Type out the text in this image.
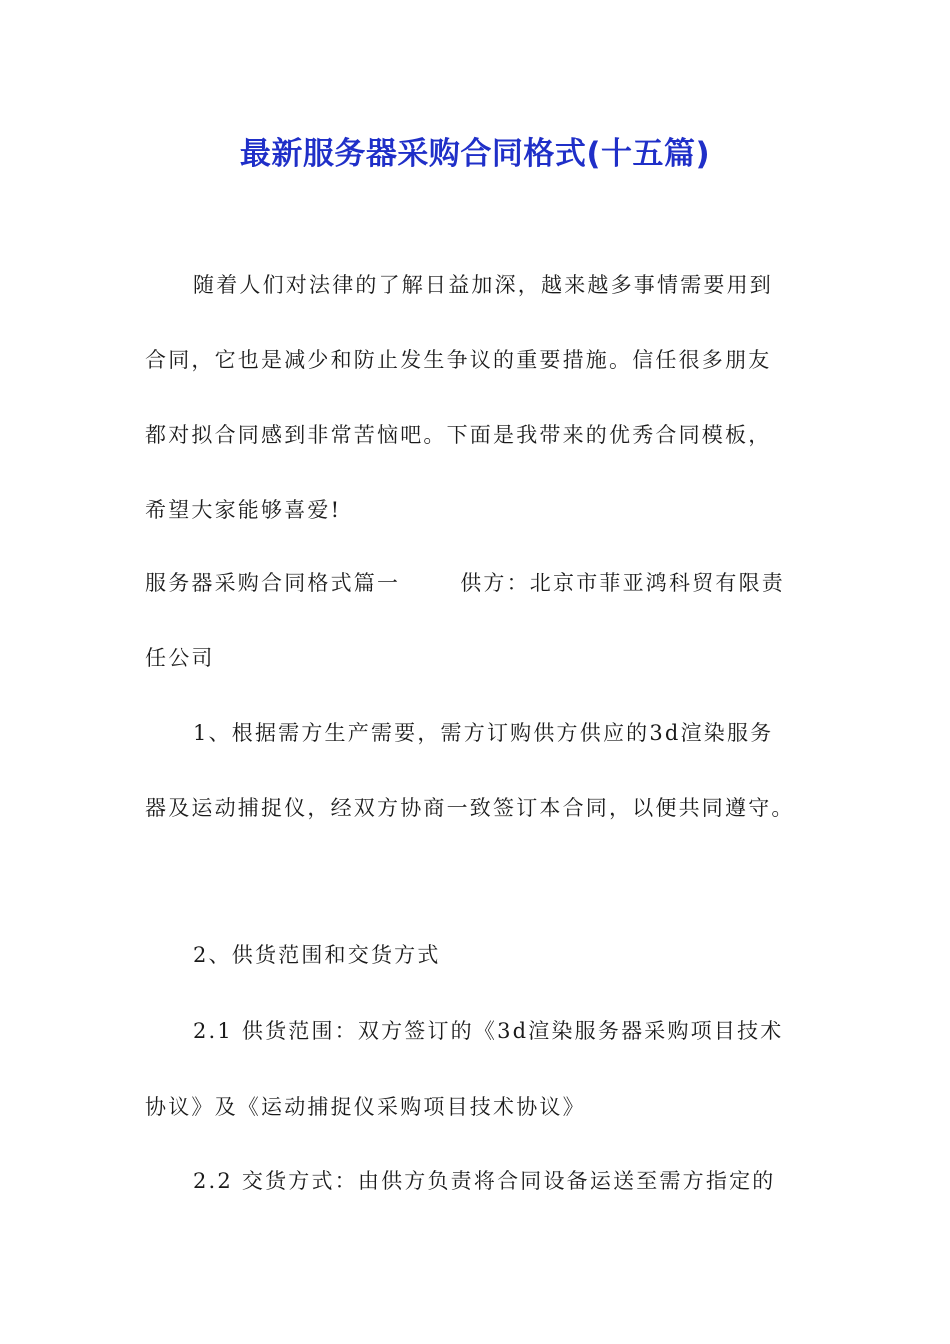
最新服务器采购合同格式(十五篇)
随着人们对法律的了解日益加深，越来越多事情需要用到
合同，它也是减少和防止发生争议的重要措施。信任很多朋友
都对拟合同感到非常苦恼吧。下面是我带来的优秀合同模板，
希望大家能够喜爱!
服务器采购合同格式篇一	供方：北京市菲亚鸿科贸有限责
任公司
1、根据需方生产需要，需方订购供方供应的3d渲染服务
器及运动捕捉仪，经双方协商一致签订本合同，以便共同遵守。
2、供货范围和交货方式
2.1 供货范围：双方签订的《3d渲染服务器采购项目技术
协议》及《运动捕捉仪采购项目技术协议》
2.2 交货方式：由供方负责将合同设备运送至需方指定的
